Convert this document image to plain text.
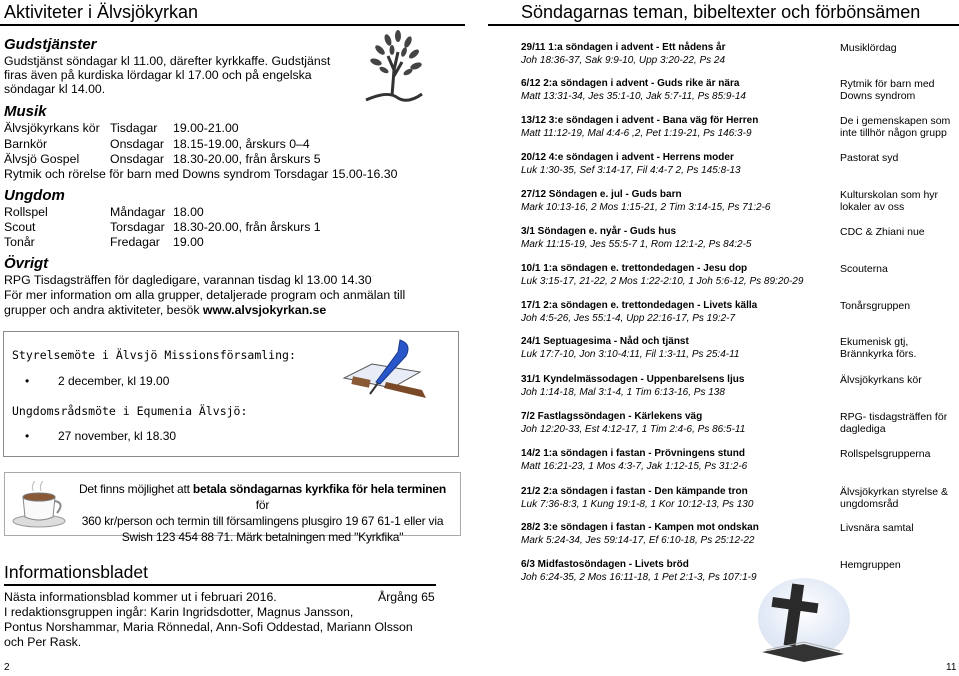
Aktiviteter i Älvsjökyrkan
Gudstjänster
Gudstjänst söndagar kl 11.00, därefter kyrkkaffe. Gudstjänst
firas även på kurdiska lördagar kl 17.00 och på engelska
söndagar kl 14.00.
Musik
Älvsjökyrkans kör Tisdagar 19.00-21.00
Barnkör	Onsdagar 18.15-19.00, årskurs 0–4
Älvsjö Gospel	Onsdagar 18.30-20.00, från årskurs 5
Rytmik och rörelse för barn med Downs syndrom Torsdagar 15.00-16.30
Ungdom
Rollspel	Måndagar 18.00
Scout	Torsdagar 18.30-20.00, från årskurs 1
Tonår	Fredagar 19.00
Övrigt
RPG Tisdagsträffen för dagledigare, varannan tisdag kl 13.00 14.30
För mer information om alla grupper, detaljerade program och anmälan till
grupper och andra aktiviteter, besök www.alvsjokyrkan.se
Styrelsemöte i Älvsjö Missionsförsamling:
• 2 december, kl 19.00
Ungdomsrådsmöte i Equmenia Älvsjö:
• 27 november, kl 18.30
Det finns möjlighet att betala söndagarnas kyrkfika för hela terminen för
360 kr/person och termin till församlingens plusgiro 19 67 61-1 eller via
Swish 123 454 88 71. Märk betalningen med "Kyrkfika"
Informationsbladet
Nästa informationsblad kommer ut i februari 2016.	Årgång 65
I redaktionsgruppen ingår: Karin Ingridsdotter, Magnus Jansson,
Pontus Norshammar, Maria Rönnedal, Ann-Sofi Oddestad, Mariann Olsson
och Per Rask.
2
Söndagarnas teman, bibeltexter och förbönsämen
29/11 1:a söndagen i advent - Ett nådens år
Joh 18:36-37, Sak 9:9-10, Upp 3:20-22, Ps 24
Musiklördag
6/12 2:a söndagen i advent - Guds rike är nära
Matt 13:31-34, Jes 35:1-10, Jak 5:7-11, Ps 85:9-14
Rytmik för barn med
Downs syndrom
13/12 3:e söndagen i advent - Bana väg för Herren
Matt 11:12-19, Mal 4:4-6 ,2, Pet 1:19-21, Ps 146:3-9
De i gemenskapen som
inte tillhör någon grupp
20/12 4:e söndagen i advent - Herrens moder
Luk 1:30-35, Sef 3:14-17, Fil 4:4-7 2, Ps 145:8-13
Pastorat syd
27/12 Söndagen e. jul - Guds barn
Mark 10:13-16, 2 Mos 1:15-21, 2 Tim 3:14-15, Ps 71:2-6
Kulturskolan som hyr
lokaler av oss
3/1 Söndagen e. nyår - Guds hus
Mark 11:15-19, Jes 55:5-7 1, Rom 12:1-2, Ps 84:2-5
CDC & Zhiani nue
10/1 1:a söndagen e. trettondedagen - Jesu dop
Luk 3:15-17, 21-22, 2 Mos 1:22-2:10, 1 Joh 5:6-12, Ps 89:20-29
Scouterna
17/1 2:a söndagen e. trettondedagen - Livets källa
Joh 4:5-26, Jes 55:1-4, Upp 22:16-17, Ps 19:2-7
Tonårsgruppen
24/1 Septuagesima - Nåd och tjänst
Luk 17:7-10, Jon 3:10-4:11, Fil 1:3-11, Ps 25:4-11
Ekumenisk gtj,
Brännkyrka förs.
31/1 Kyndelmässodagen - Uppenbarelsens ljus
Joh 1:14-18, Mal 3:1-4, 1 Tim 6:13-16, Ps 138
Älvsjökyrkans kör
7/2 Fastlagssöndagen - Kärlekens väg
Joh 12:20-33, Est 4:12-17, 1 Tim 2:4-6, Ps 86:5-11
RPG- tisdagsträffen för
dagledigа
14/2 1:a söndagen i fastan - Prövningens stund
Matt 16:21-23, 1 Mos 4:3-7, Jak 1:12-15, Ps 31:2-6
Rollspelsgrupperna
21/2 2:a söndagen i fastan - Den kämpande tron
Luk 7:36-8:3, 1 Kung 19:1-8, 1 Kor 10:12-13, Ps 130
Älvsjökyrkan styrelse &
ungdomsråd
28/2 3:e söndagen i fastan - Kampen mot ondskan
Mark 5:24-34, Jes 59:14-17, Ef 6:10-18, Ps 25:12-22
Livsnära samtal
6/3 Midfastosöndagen - Livets bröd
Joh 6:24-35, 2 Mos 16:11-18, 1 Pet 2:1-3, Ps 107:1-9
Hemgruppen
11
